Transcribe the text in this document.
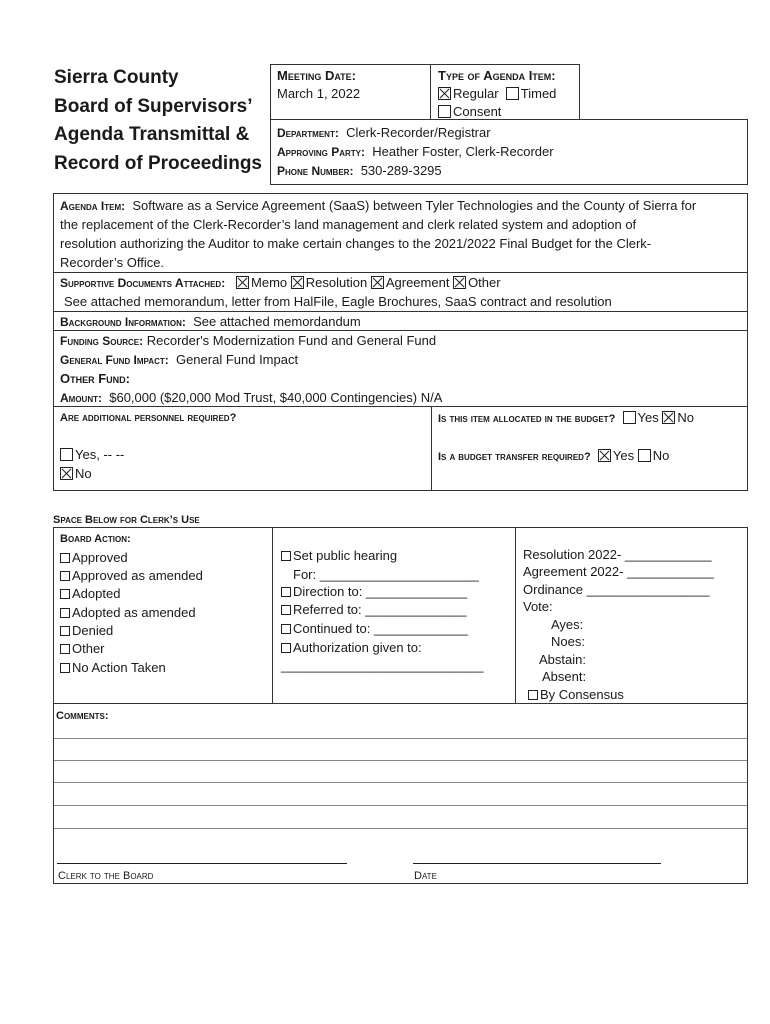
Sierra County
Board of Supervisors’
Agenda Transmittal &
Record of Proceedings
Meeting Date:
March 1, 2022
Type of Agenda Item:
Regular Timed
Consent
Department: Clerk-Recorder/Registrar
Approving Party: Heather Foster, Clerk-Recorder
Phone Number: 530-289-3295
Agenda Item: Software as a Service Agreement (SaaS) between Tyler Technologies and the County of Sierra for
the replacement of the Clerk-Recorder’s land management and clerk related system and adoption of
resolution authorizing the Auditor to make certain changes to the 2021/2022 Final Budget for the Clerk-
Recorder’s Office.
Supportive Documents Attached: Memo Resolution Agreement Other
See attached memorandum, letter from HalFile, Eagle Brochures, SaaS contract and resolution
Background Information: See attached memordandum
Funding Source: Recorder's Modernization Fund and General Fund
General Fund Impact: General Fund Impact
Other Fund:
Amount: $60,000 ($20,000 Mod Trust, $40,000 Contingencies) N/A
Are additional personnel required?
Yes, -- --
No
Is this item allocated in the budget? Yes No
Is a budget transfer required? Yes No
Space Below for Clerk’s Use
Board Action:
Approved
Approved as amended
Adopted
Adopted as amended
Denied
Other
No Action Taken
Set public hearing
For: ______________________
Direction to: ______________
Referred to: ______________
Continued to: _____________
Authorization given to:
____________________________
Resolution 2022- ____________
Agreement 2022- ____________
Ordinance _________________
Vote:
Ayes:
Noes:
Abstain:
Absent:
By Consensus
Comments:
Clerk to the Board	Date
